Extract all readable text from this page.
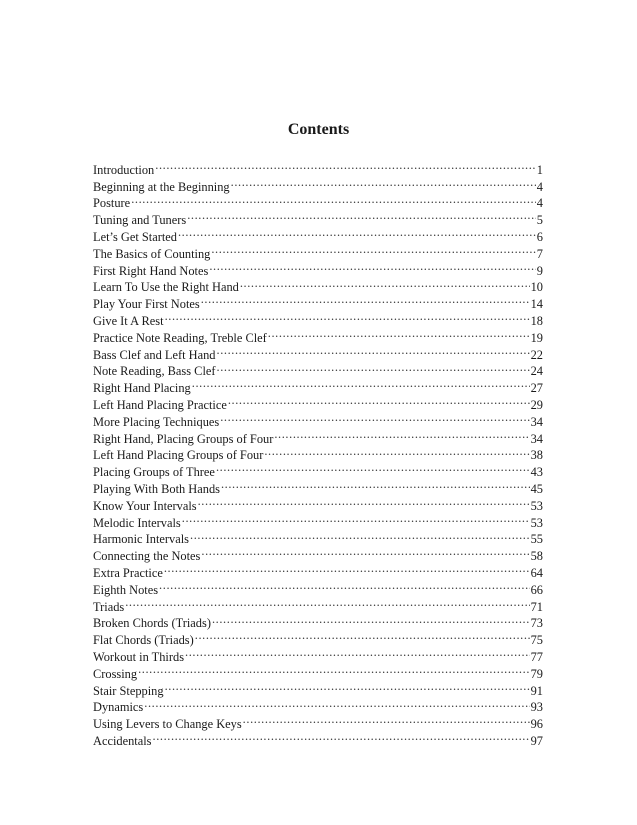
Contents
Introduction .....	1
Beginning at the Beginning .....	4
Posture .....	4
Tuning and Tuners .....	5
Let’s Get Started .....	6
The Basics of Counting .....	7
First Right Hand Notes .....	9
Learn To Use the Right Hand .....	10
Play Your First Notes .....	14
Give It A Rest .....	18
Practice Note Reading, Treble Clef .....	19
Bass Clef and Left Hand .....	22
Note Reading, Bass Clef .....	24
Right Hand Placing .....	27
Left Hand Placing Practice .....	29
More Placing Techniques .....	34
Right Hand, Placing Groups of Four .....	34
Left Hand Placing Groups of Four .....	38
Placing Groups of Three .....	43
Playing With Both Hands .....	45
Know Your Intervals .....	53
Melodic Intervals .....	53
Harmonic Intervals .....	55
Connecting the Notes .....	58
Extra Practice .....	64
Eighth Notes .....	66
Triads .....	71
Broken Chords (Triads) .....	73
Flat Chords (Triads) .....	75
Workout in Thirds .....	77
Crossing .....	79
Stair Stepping .....	91
Dynamics .....	93
Using Levers to Change Keys .....	96
Accidentals .....	97
